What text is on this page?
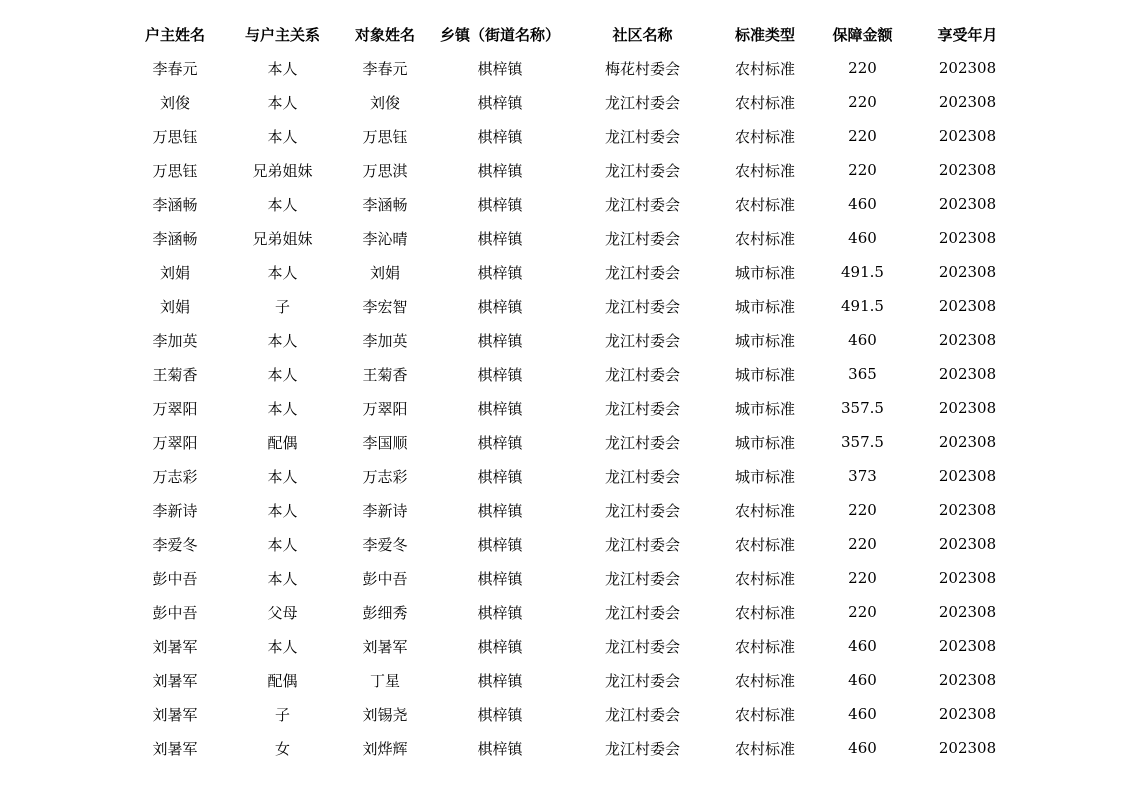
户主姓名	与户主关系	对象姓名	乡镇（街道名称）	社区名称	标准类型	保障金额	享受年月
李春元	本人	李春元	棋梓镇	梅花村委会	农村标准	220	202308
刘俊	本人	刘俊	棋梓镇	龙江村委会	农村标准	220	202308
万思钰	本人	万思钰	棋梓镇	龙江村委会	农村标准	220	202308
万思钰	兄弟姐妹	万思淇	棋梓镇	龙江村委会	农村标准	220	202308
李涵畅	本人	李涵畅	棋梓镇	龙江村委会	农村标准	460	202308
李涵畅	兄弟姐妹	李沁晴	棋梓镇	龙江村委会	农村标准	460	202308
刘娟	本人	刘娟	棋梓镇	龙江村委会	城市标准	491.5	202308
刘娟	子	李宏智	棋梓镇	龙江村委会	城市标准	491.5	202308
李加英	本人	李加英	棋梓镇	龙江村委会	城市标准	460	202308
王菊香	本人	王菊香	棋梓镇	龙江村委会	城市标准	365	202308
万翠阳	本人	万翠阳	棋梓镇	龙江村委会	城市标准	357.5	202308
万翠阳	配偶	李国顺	棋梓镇	龙江村委会	城市标准	357.5	202308
万志彩	本人	万志彩	棋梓镇	龙江村委会	城市标准	373	202308
李新诗	本人	李新诗	棋梓镇	龙江村委会	农村标准	220	202308
李爱冬	本人	李爱冬	棋梓镇	龙江村委会	农村标准	220	202308
彭中吾	本人	彭中吾	棋梓镇	龙江村委会	农村标准	220	202308
彭中吾	父母	彭细秀	棋梓镇	龙江村委会	农村标准	220	202308
刘暑军	本人	刘暑军	棋梓镇	龙江村委会	农村标准	460	202308
刘暑军	配偶	丁星	棋梓镇	龙江村委会	农村标准	460	202308
刘暑军	子	刘锡尧	棋梓镇	龙江村委会	农村标准	460	202308
刘暑军	女	刘烨辉	棋梓镇	龙江村委会	农村标准	460	202308
